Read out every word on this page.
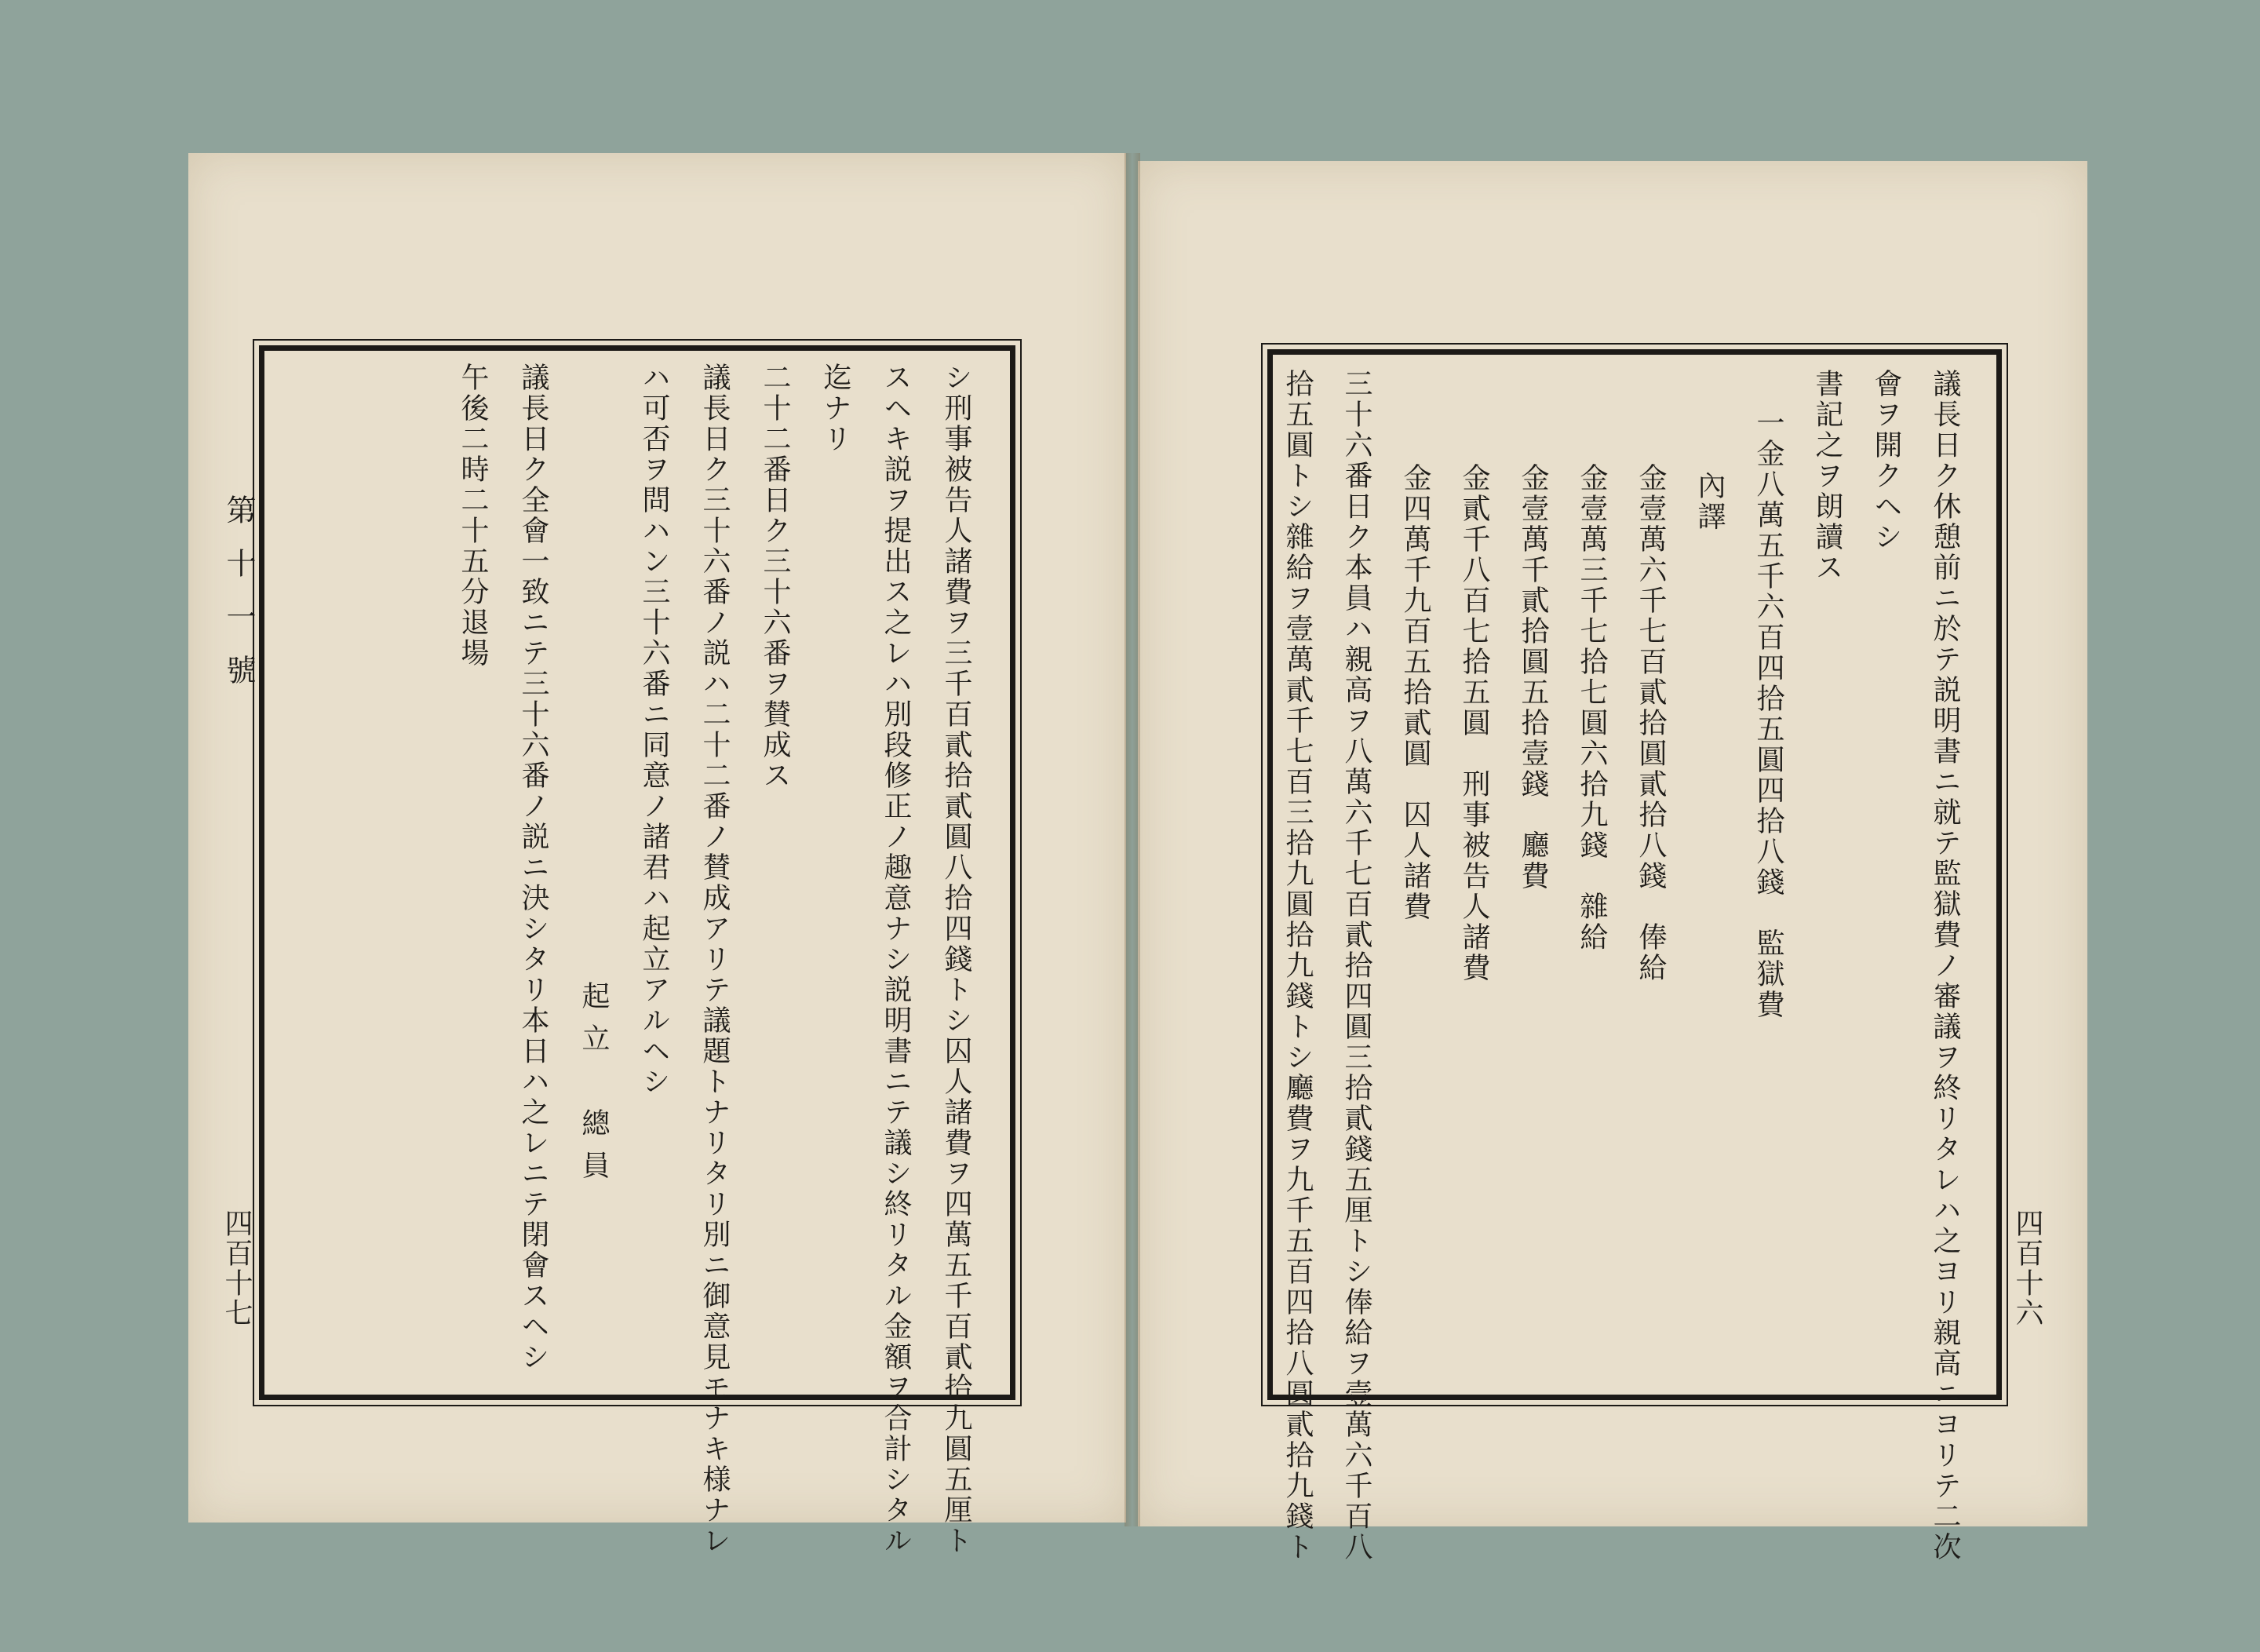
第十一號
四百十七	シ刑事被告人諸費ヲ三千百貳拾貳圓八拾四錢トシ囚人諸費ヲ四萬五千百貳拾九圓五厘ト
スヘキ説ヲ提出ス之レハ別段修正ノ趣意ナシ説明書ニテ議シ終リタル金額ヲ合計シタル
迄ナリ
二十二番日ク三十六番ヲ賛成ス
議長日ク三十六番ノ説ハ二十二番ノ賛成アリテ議題トナリタリ別ニ御意見モナキ様ナレ
ハ可否ヲ問ハン三十六番ニ同意ノ諸君ハ起立アルヘシ
起立　總員
議長日ク全會一致ニテ三十六番ノ説ニ決シタリ本日ハ之レニテ閉會スヘシ
午後二時二十五分退場
四百十六
議長日ク休憩前ニ於テ説明書ニ就テ監獄費ノ審議ヲ終リタレハ之ヨリ親高ニヨリテ二次
會ヲ開クヘシ
書記之ヲ朗讀ス
一金八萬五千六百四拾五圓四拾八錢　監獄費
內譯
金壹萬六千七百貳拾圓貳拾八錢　俸給
金壹萬三千七拾七圓六拾九錢　雜給
金壹萬千貳拾圓五拾壹錢　廳費
金貳千八百七拾五圓　刑事被告人諸費
金四萬千九百五拾貳圓　囚人諸費
三十六番日ク本員ハ親高ヲ八萬六千七百貳拾四圓三拾貳錢五厘トシ俸給ヲ壹萬六千百八
拾五圓トシ雜給ヲ壹萬貳千七百三拾九圓拾九錢トシ廳費ヲ九千五百四拾八圓貳拾九錢ト
